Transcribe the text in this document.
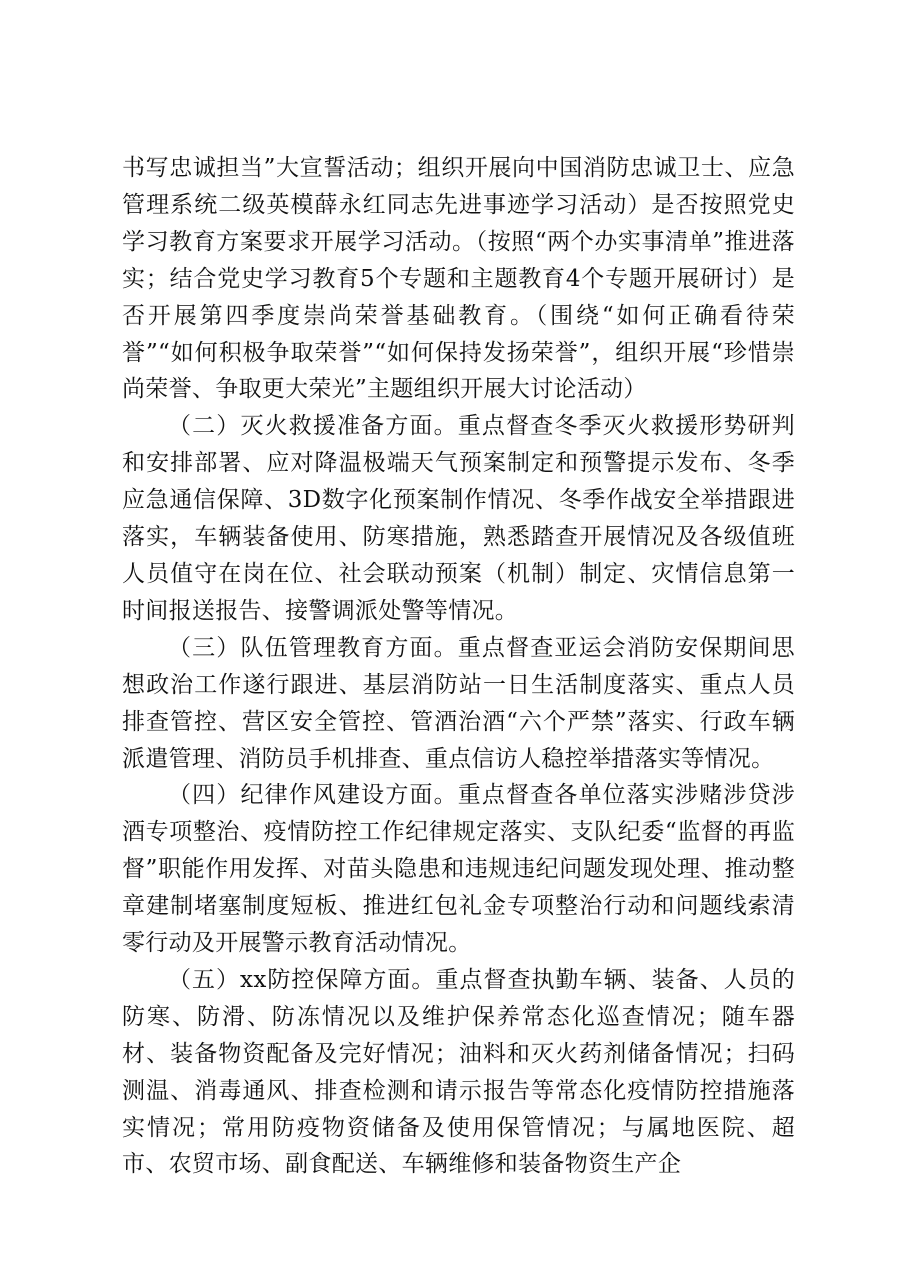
书写忠诚担当”大宣誓活动；组织开展向中国消防忠诚卫士、应急管理系统二级英模薛永红同志先进事迹学习活动）是否按照党史学习教育方案要求开展学习活动。（按照“两个办实事清单”推进落实；结合党史学习教育5个专题和主题教育4个专题开展研讨）是否开展第四季度崇尚荣誉基础教育。（围绕“如何正确看待荣誉”“如何积极争取荣誉”“如何保持发扬荣誉”，组织开展“珍惜崇尚荣誉、争取更大荣光”主题组织开展大讨论活动）

（二）灭火救援准备方面。重点督查冬季灭火救援形势研判和安排部署、应对降温极端天气预案制定和预警提示发布、冬季应急通信保障、3D数字化预案制作情况、冬季作战安全举措跟进落实，车辆装备使用、防寒措施，熟悉踏查开展情况及各级值班人员值守在岗在位、社会联动预案（机制）制定、灾情信息第一时间报送报告、接警调派处警等情况。

（三）队伍管理教育方面。重点督查亚运会消防安保期间思想政治工作遂行跟进、基层消防站一日生活制度落实、重点人员排查管控、营区安全管控、管酒治酒“六个严禁”落实、行政车辆派遣管理、消防员手机排查、重点信访人稳控举措落实等情况。

（四）纪律作风建设方面。重点督查各单位落实涉赌涉贷涉酒专项整治、疫情防控工作纪律规定落实、支队纪委“监督的再监督”职能作用发挥、对苗头隐患和违规违纪问题发现处理、推动整章建制堵塞制度短板、推进红包礼金专项整治行动和问题线索清零行动及开展警示教育活动情况。

（五）xx防控保障方面。重点督查执勤车辆、装备、人员的防寒、防滑、防冻情况以及维护保养常态化巡查情况；随车器材、装备物资配备及完好情况；油料和灭火药剂储备情况；扫码测温、消毒通风、排查检测和请示报告等常态化疫情防控措施落实情况；常用防疫物资储备及使用保管情况；与属地医院、超市、农贸市场、副食配送、车辆维修和装备物资生产企
